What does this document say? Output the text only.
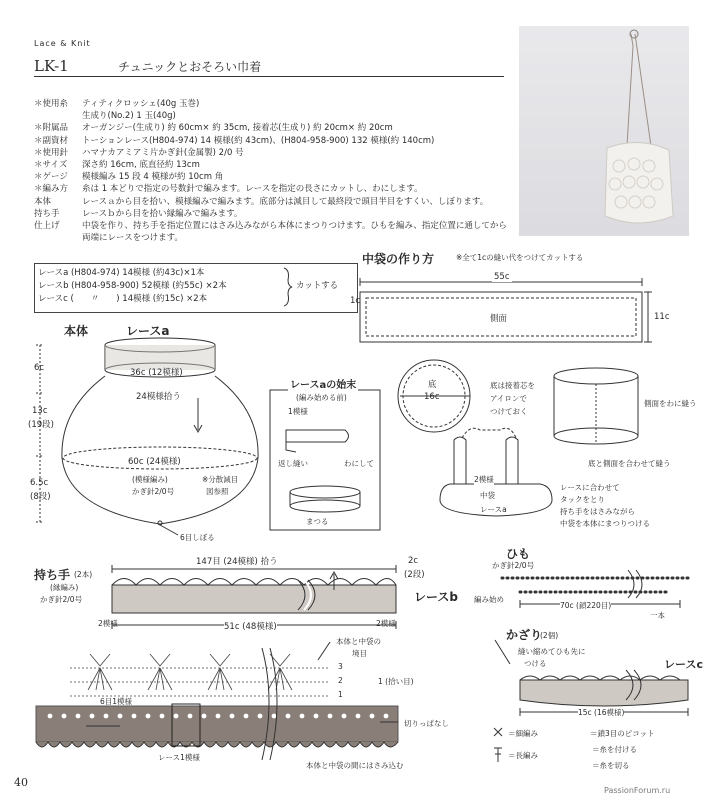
Lace & Knit
LK-1	チュニックとおそろい巾着
＊使用糸 ティティクロッシェ(40g 玉巻)
生成り(No.2) 1 玉(40g)
＊附属品 オーガンジー(生成り) 約 60cm× 約 35cm, 接着芯(生成り) 約 20cm× 約 20cm
＊副資材 トーションレース(H804-974) 14 模様(約 43cm)、(H804-958-900) 132 模様(約 140cm)
＊使用針 ハマナカアミアミ片かぎ針(金属製) 2/0 号
＊サイズ 深さ約 16cm, 底直径約 13cm
＊ゲージ 模様編み 15 段 4 模様が約 10cm 角
＊編み方 糸は 1 本どりで指定の号数針で編みます。レースを指定の長さにカットし、わにします。
本体	レースａから目を拾い、模様編みで編みます。底部分は減目して最終段で頭目半目をすくい、しぼります。
持ち手	レースｂから目を拾い縁編みで編みます。
仕上げ	中袋を作り、持ち手を指定位置にはさみ込みながら本体にまつりつけます。ひもを編み、指定位置に通してから
両端にレースをつけます。
レースa (H804-974) 14模様 (約43c)×1本
レースb (H804-958-900) 52模様 (約55c) ×2本
レースc (　　〃　　) 14模様 (約15c) ×2本
カットする
本体	レースa
36c (12模様)
24模様拾う
6c
13c
(19段)
6.5c
(8段)
60c (24模様)
(模様編み)
かぎ針2/0号
※分散減目
図参照
6目しぼる
レースaの始末
(編み始める前)
1模様
返し縫い	わにして
まつる
中袋の作り方	※全て1cの縫い代をつけてカットする
55c
1c
側面	11c
底
16c
底は接着芯を
アイロンで
つけておく
側面をわに縫う
底と側面を合わせて縫う
2模様
中袋
レースa
レースに合わせて
タックをとり
持ち手をはさみながら
中袋を本体にまつりつける
持ち手 (2本)
(縁編み)
かぎ針2/0号
147目 (24模様) 拾う	2c
(2段)
レースb
2模様	2模様
51c (48模様)
ひも
かぎ針2/0号
編み始め
70c (鎖220目)
一本
かざり
(2個)
縫い縮めてひも先に
つける	レースc
15c (16模様)
6目1模様
レース1模様
本体と中袋の
境目
1 (拾い目)
切りっぱなし
本体と中袋の間にはさみ込む
＝細編み	＝鎖3目のピコット
＝長編み
＝糸を付ける
＝糸を切る
40
PassionForum.ru
1
2
3
